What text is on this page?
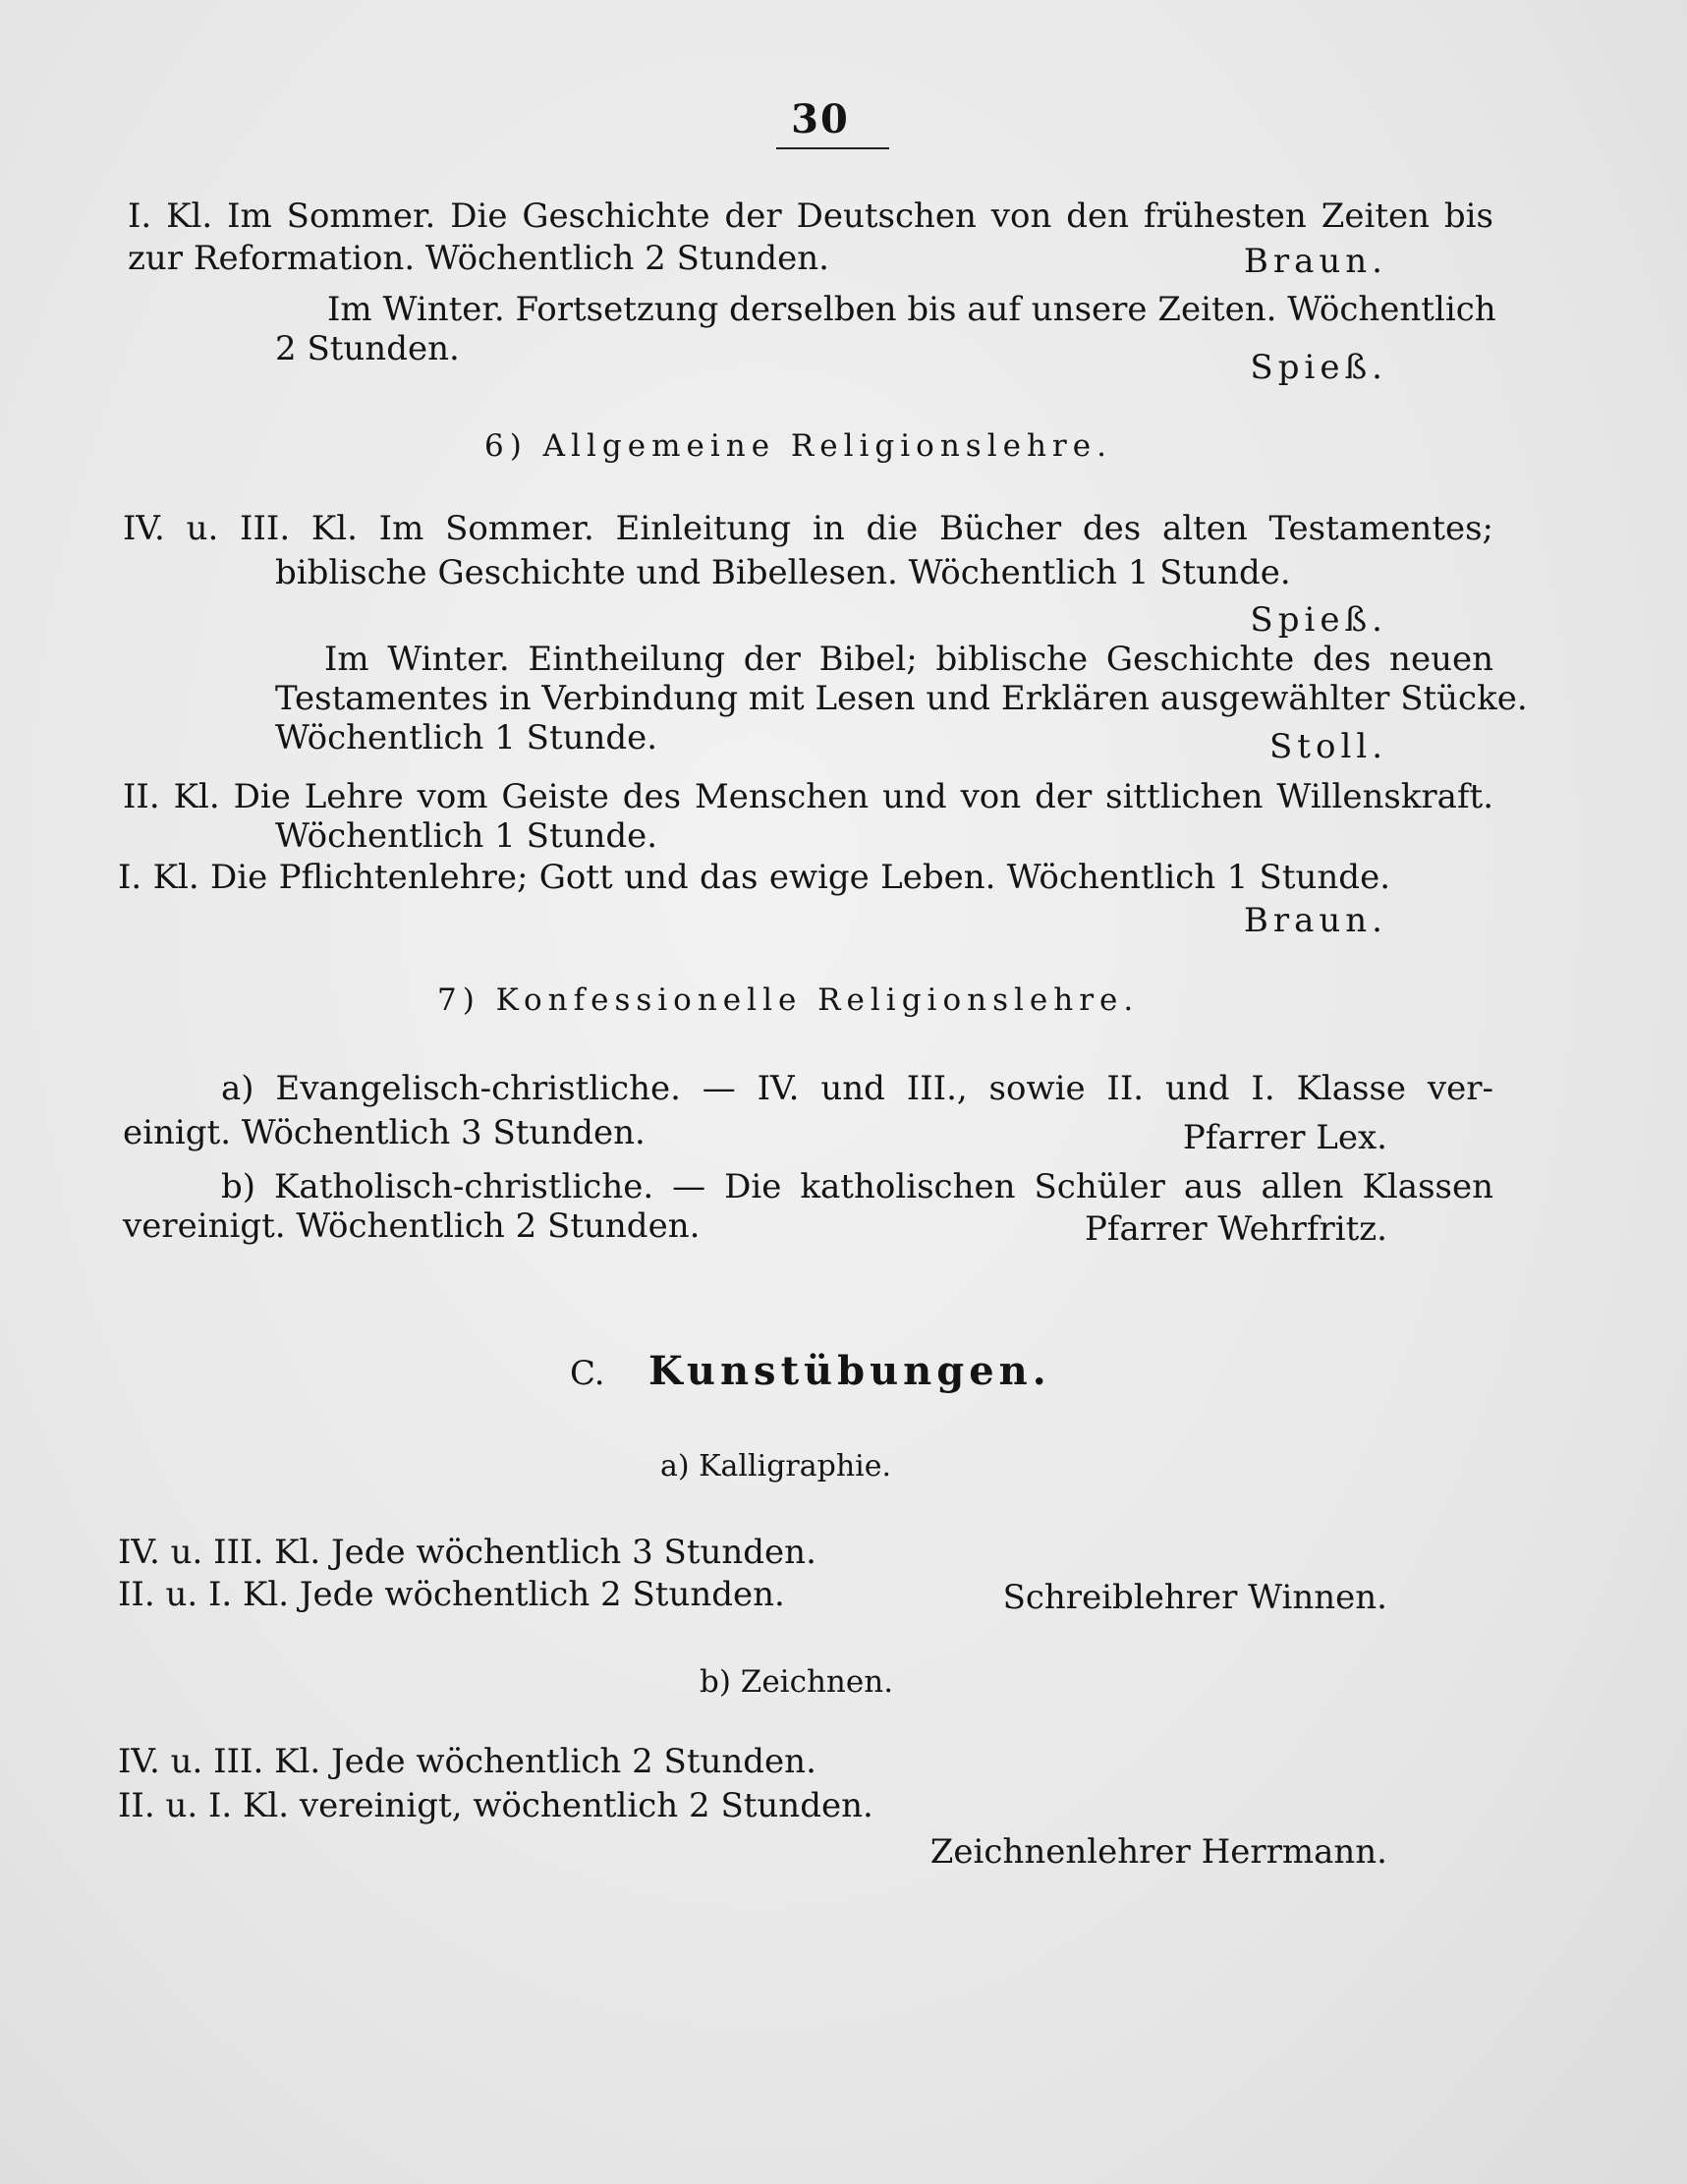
30
I. Kl. Im Sommer. Die Geschichte der Deutschen von den frühesten Zeiten bis
zur Reformation. Wöchentlich 2 Stunden.	Braun.
Im Winter. Fortsetzung derselben bis auf unsere Zeiten. Wöchentlich
2 Stunden.	Spieß.
6) Allgemeine Religionslehre.
IV. u. III. Kl. Im Sommer. Einleitung in die Bücher des alten Testamentes;
biblische Geschichte und Bibellesen. Wöchentlich 1 Stunde.
Spieß.
Im Winter. Eintheilung der Bibel; biblische Geschichte des neuen
Testamentes in Verbindung mit Lesen und Erklären ausgewählter Stücke.
Wöchentlich 1 Stunde.	Stoll.
II. Kl. Die Lehre vom Geiste des Menschen und von der sittlichen Willenskraft.
Wöchentlich 1 Stunde.
I. Kl. Die Pflichtenlehre; Gott und das ewige Leben. Wöchentlich 1 Stunde.
Braun.
7) Konfessionelle Religionslehre.
a) Evangelisch-christliche. — IV. und III., sowie II. und I. Klasse ver-
einigt. Wöchentlich 3 Stunden.	Pfarrer Lex.
b) Katholisch-christliche. — Die katholischen Schüler aus allen Klassen
vereinigt. Wöchentlich 2 Stunden.	Pfarrer Wehrfritz.
C. Kunstübungen.
a) Kalligraphie.
IV. u. III. Kl. Jede wöchentlich 3 Stunden.
II. u. I. Kl. Jede wöchentlich 2 Stunden.	Schreiblehrer Winnen.
b) Zeichnen.
IV. u. III. Kl. Jede wöchentlich 2 Stunden.
II. u. I. Kl. vereinigt, wöchentlich 2 Stunden.
Zeichnenlehrer Herrmann.
